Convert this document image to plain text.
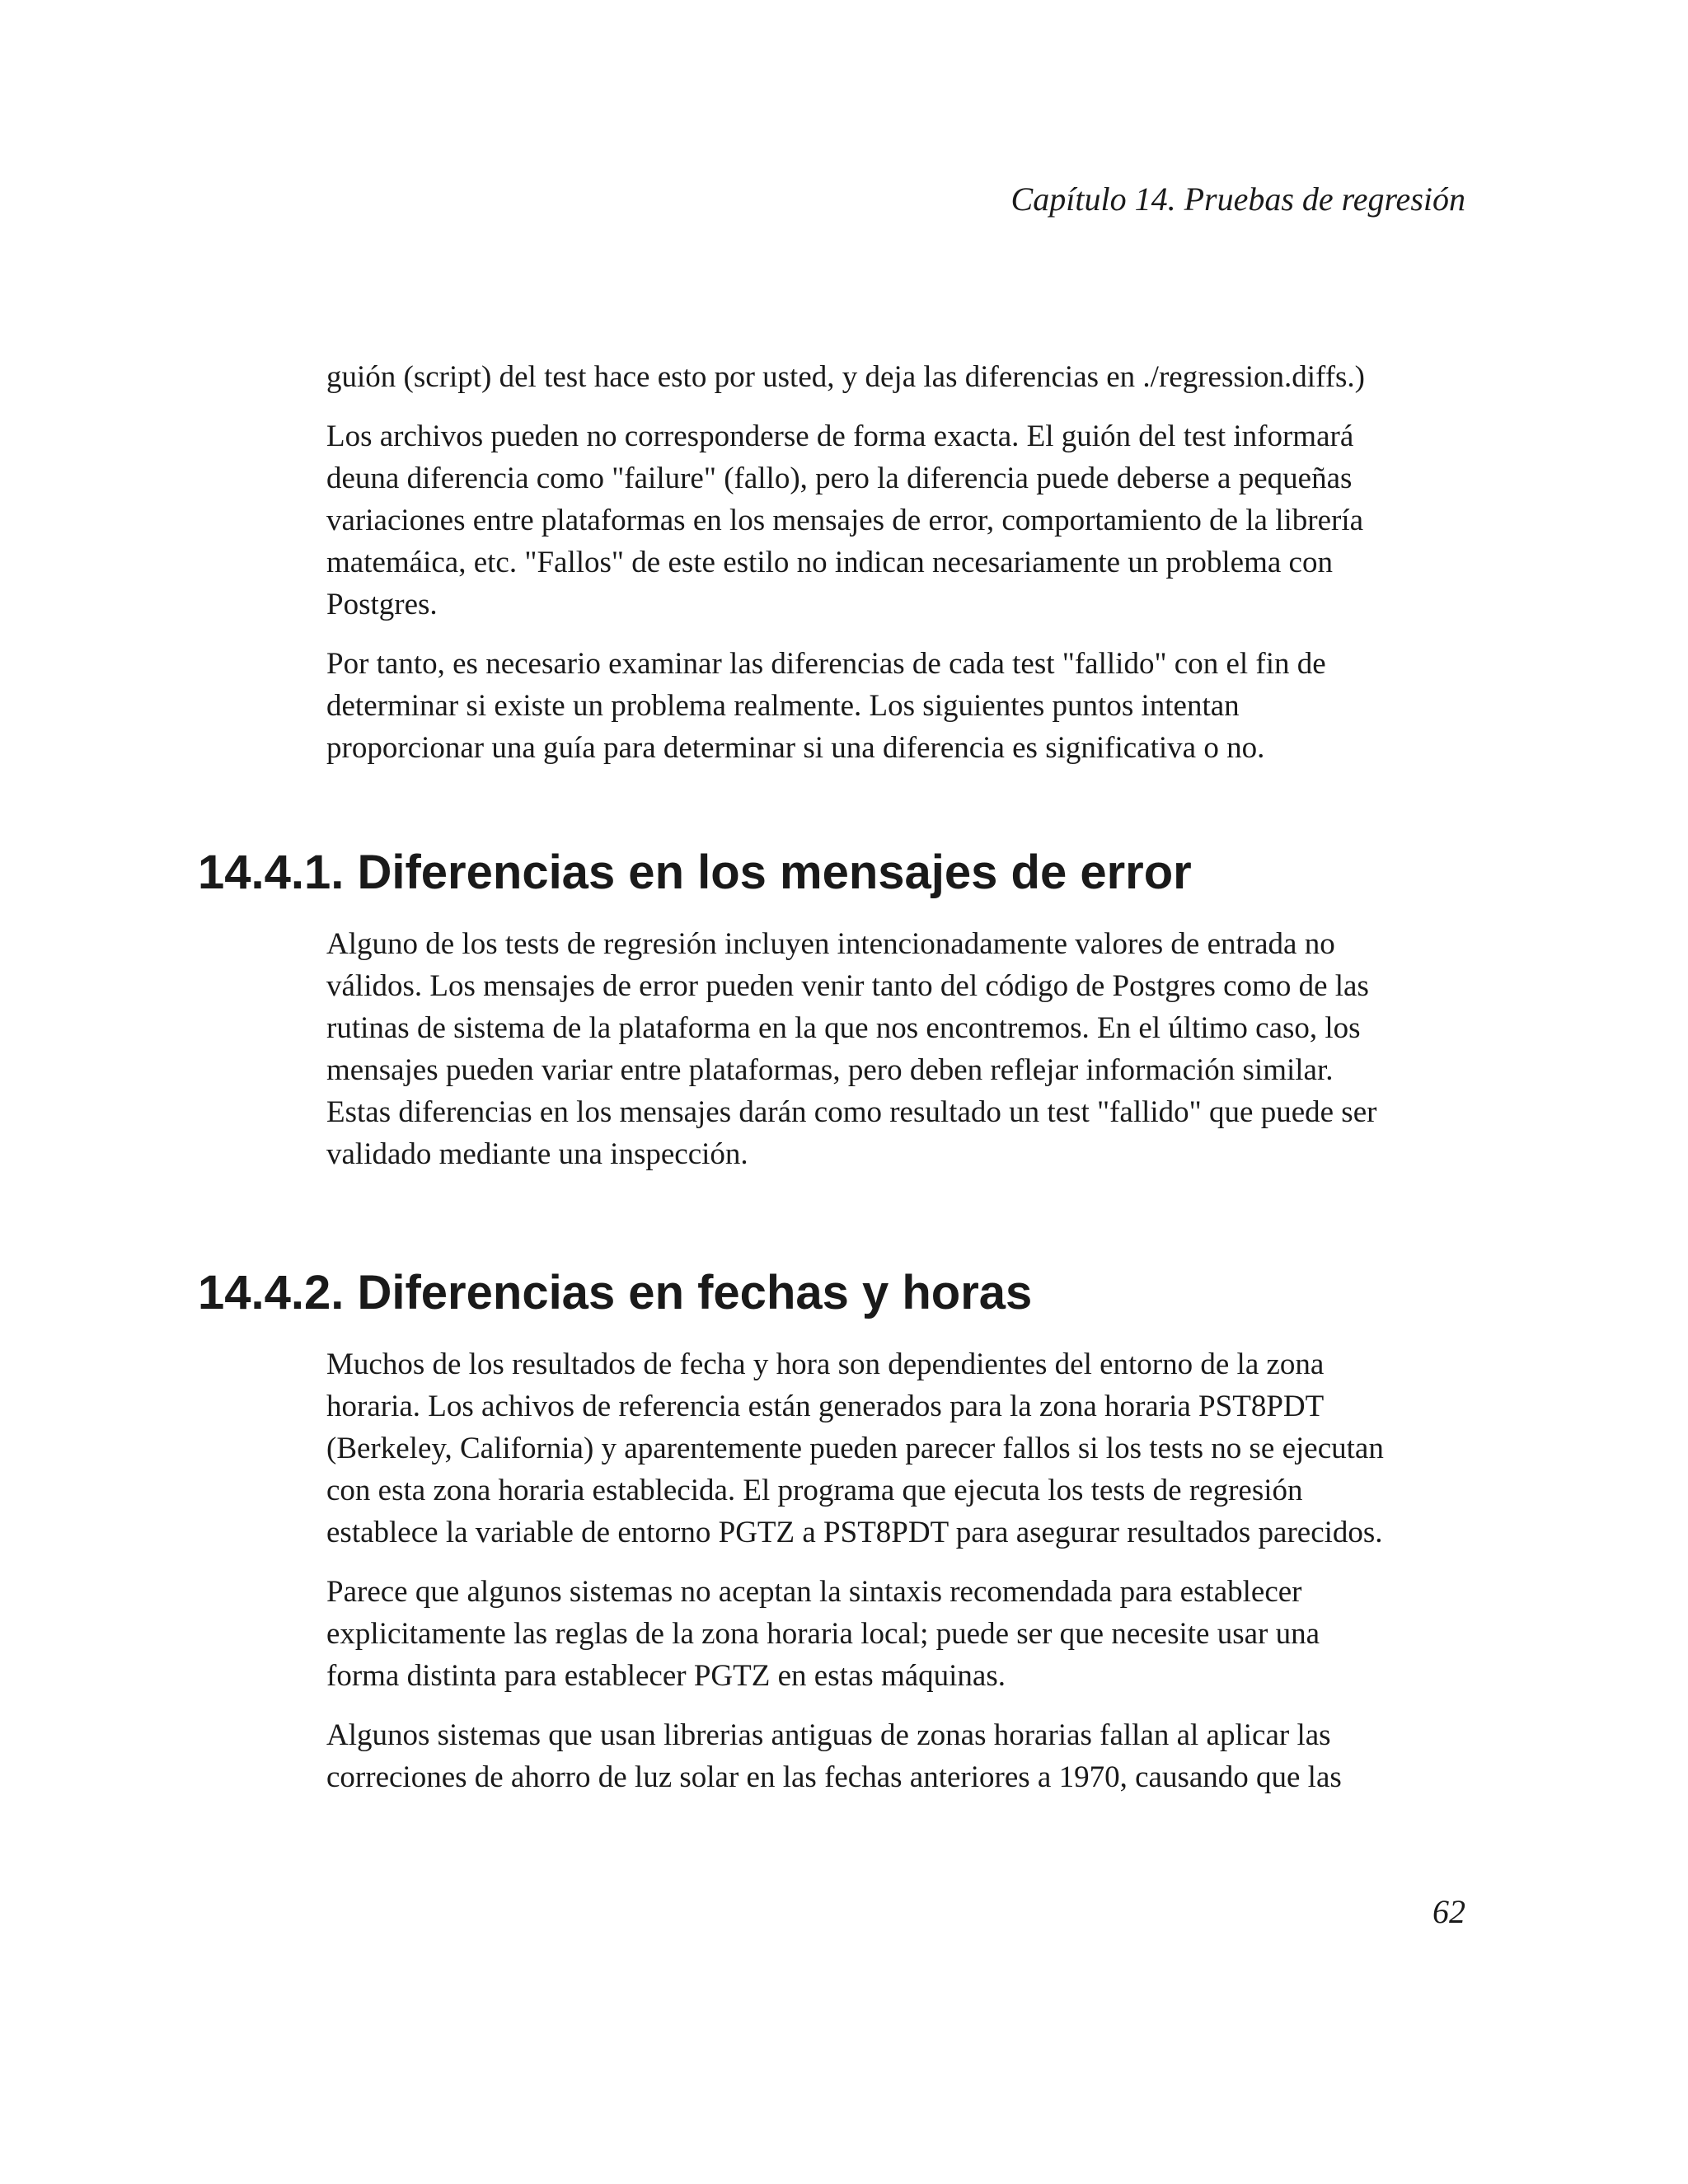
Capítulo 14. Pruebas de regresión

guión (script) del test hace esto por usted, y deja las diferencias en ./regression.diffs.)

Los archivos pueden no corresponderse de forma exacta. El guión del test informará
deuna diferencia como "failure" (fallo), pero la diferencia puede deberse a pequeñas
variaciones entre plataformas en los mensajes de error, comportamiento de la librería
matemáica, etc. "Fallos" de este estilo no indican necesariamente un problema con
Postgres.

Por tanto, es necesario examinar las diferencias de cada test "fallido" con el fin de
determinar si existe un problema realmente. Los siguientes puntos intentan
proporcionar una guía para determinar si una diferencia es significativa o no.

14.4.1. Diferencias en los mensajes de error

Alguno de los tests de regresión incluyen intencionadamente valores de entrada no
válidos. Los mensajes de error pueden venir tanto del código de Postgres como de las
rutinas de sistema de la plataforma en la que nos encontremos. En el último caso, los
mensajes pueden variar entre plataformas, pero deben reflejar información similar.
Estas diferencias en los mensajes darán como resultado un test "fallido" que puede ser
validado mediante una inspección.

14.4.2. Diferencias en fechas y horas

Muchos de los resultados de fecha y hora son dependientes del entorno de la zona
horaria. Los achivos de referencia están generados para la zona horaria PST8PDT
(Berkeley, California) y aparentemente pueden parecer fallos si los tests no se ejecutan
con esta zona horaria establecida. El programa que ejecuta los tests de regresión
establece la variable de entorno PGTZ a PST8PDT para asegurar resultados parecidos.

Parece que algunos sistemas no aceptan la sintaxis recomendada para establecer
explicitamente las reglas de la zona horaria local; puede ser que necesite usar una
forma distinta para establecer PGTZ en estas máquinas.

Algunos sistemas que usan librerias antiguas de zonas horarias fallan al aplicar las
correciones de ahorro de luz solar en las fechas anteriores a 1970, causando que las

62
